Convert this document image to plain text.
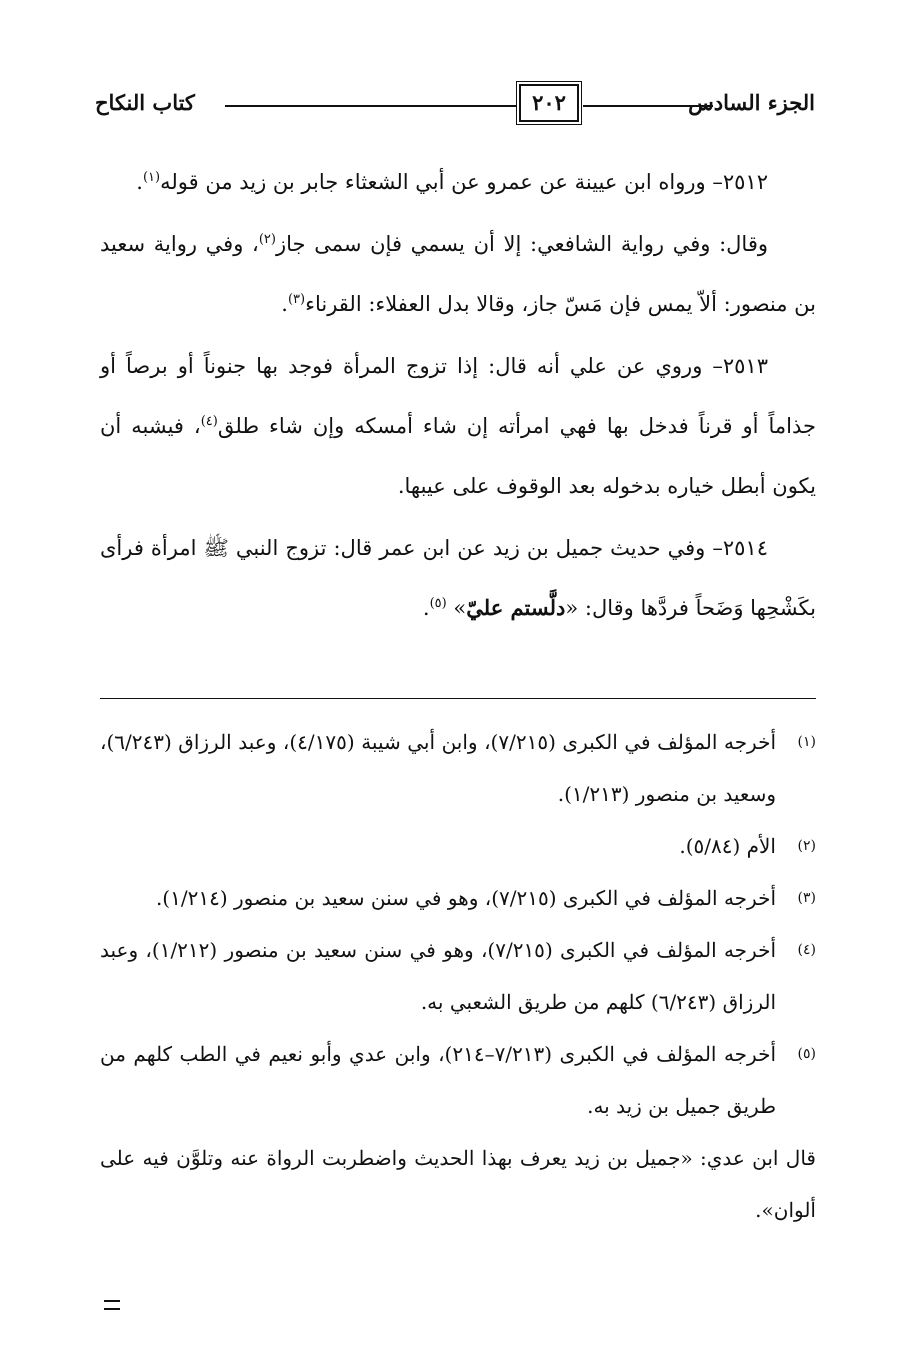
الجزء السادس
٢٠٢
كتاب النكاح

٢٥١٢– ورواه ابن عيينة عن عمرو عن أبي الشعثاء جابر بن زيد من قوله$^{(١)}$.

وقال: وفي رواية الشافعي: إلا أن يسمي فإن سمى جاز$^{(٢)}$، وفي رواية سعيد بن منصور: ألاّ يمس فإن مَسّ جاز، وقالا بدل العفلاء: القرناء$^{(٣)}$.

٢٥١٣– وروي عن علي أنه قال: إذا تزوج المرأة فوجد بها جنوناً أو برصاً أو جذاماً أو قرناً فدخل بها فهي امرأته إن شاء أمسكه وإن شاء طلق$^{(٤)}$، فيشبه أن يكون أبطل خياره بدخوله بعد الوقوف على عيبها.

٢٥١٤– وفي حديث جميل بن زيد عن ابن عمر قال: تزوج النبي ﷺ امرأة فرأى بكَشْحِها وَضَحاً فردَّها وقال: «دلَّستم عليّ» $^{(٥)}$.

(١)
أخرجه المؤلف في الكبرى (٧/٢١٥)، وابن أبي شيبة (٤/١٧٥)، وعبد الرزاق (٦/٢٤٣)، وسعيد بن منصور (١/٢١٣).

(٢)
الأم (٥/٨٤).

(٣)
أخرجه المؤلف في الكبرى (٧/٢١٥)، وهو في سنن سعيد بن منصور (١/٢١٤).

(٤)
أخرجه المؤلف في الكبرى (٧/٢١٥)، وهو في سنن سعيد بن منصور (١/٢١٢)، وعبد الرزاق (٦/٢٤٣) كلهم من طريق الشعبي به.

(٥)
أخرجه المؤلف في الكبرى (٧/٢١٣–٢١٤)، وابن عدي وأبو نعيم في الطب كلهم من طريق جميل بن زيد به.

قال ابن عدي: «جميل بن زيد يعرف بهذا الحديث واضطربت الرواة عنه وتلوَّن فيه على ألوان».
